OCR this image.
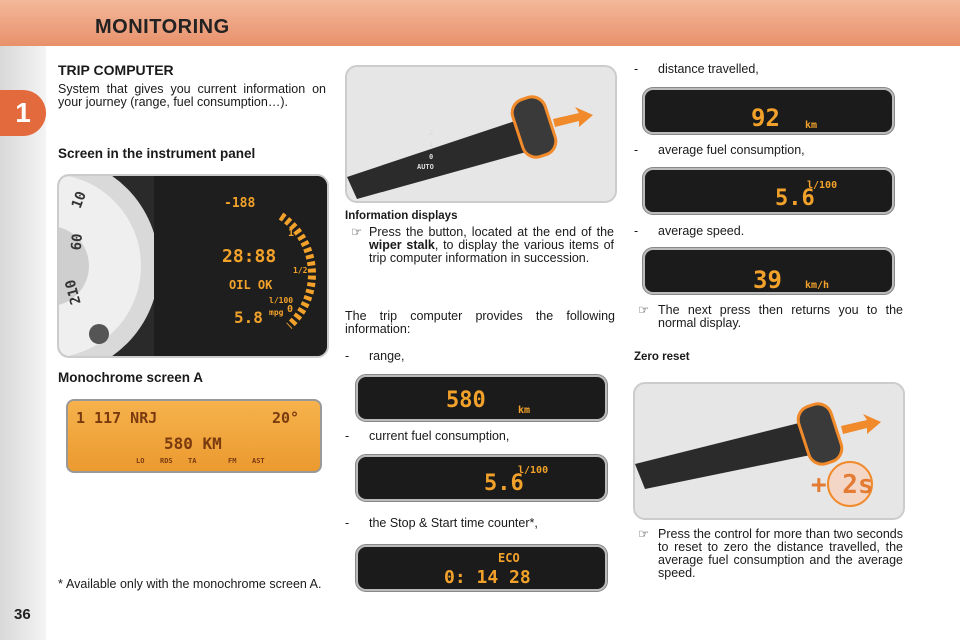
MONITORING
1
36
TRIP COMPUTER
System that gives you current information on your journey (range, fuel consumption…).
Screen in the instrument panel
10
60
210
-188
28:88
OIL OK
5.8
l/100
mpg
1
1/2
0
Monochrome screen A
1 117 NRJ	20°
580 KM
LO RDS TA	FM AST
* Available only with the monochrome screen A.
AUTO
2
1
0
Information displays
☞ Press the button, located at the end of the wiper stalk, to display the various items of trip computer information in succession.
The trip computer provides the following information:
- range,
580	km
- current fuel consumption,
5.6
l/100
- the Stop & Start time counter*,
ECO
0: 14 28
- distance travelled,
92	km
- average fuel consumption,
5.6
l/100
- average speed.
39 km/h
☞ The next press then returns you to the normal display.
Zero reset
+ 2s
☞ Press the control for more than two seconds to reset to zero the distance travelled, the average fuel consumption and the average speed.
